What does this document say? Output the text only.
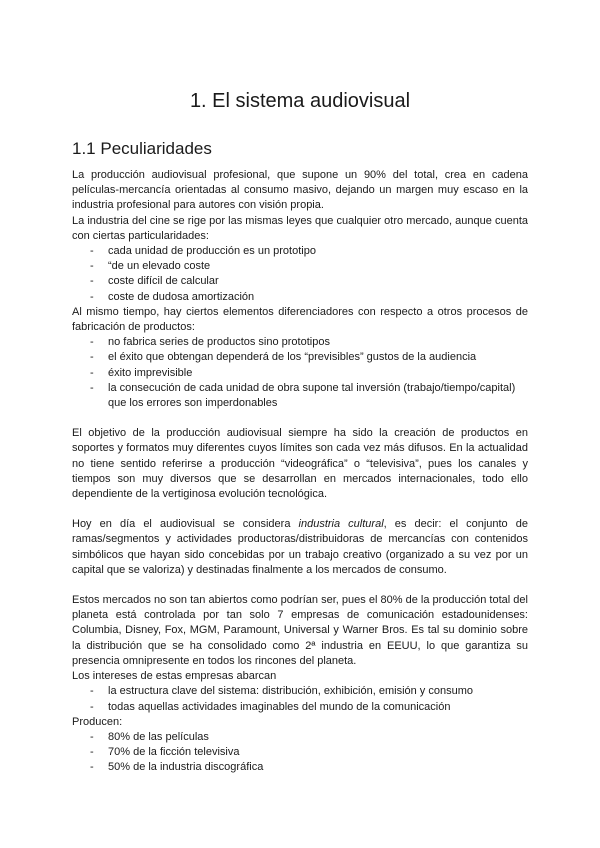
1. El sistema audiovisual
1.1 Peculiaridades

La producción audiovisual profesional, que supone un 90% del total, crea en cadena películas-mercancía orientadas al consumo masivo, dejando un margen muy escaso en la industria profesional para autores con visión propia.

La industria del cine se rige por las mismas leyes que cualquier otro mercado, aunque cuenta con ciertas particularidades:

- cada unidad de producción es un prototipo
- “de un elevado coste
- coste difícil de calcular
- coste de dudosa amortización

Al mismo tiempo, hay ciertos elementos diferenciadores con respecto a otros procesos de fabricación de productos:

- no fabrica series de productos sino prototipos
- el éxito que obtengan dependerá de los “previsibles” gustos de la audiencia
- éxito imprevisible
- la consecución de cada unidad de obra supone tal inversión (trabajo/tiempo/capital) que los errores son imperdonables

El objetivo de la producción audiovisual siempre ha sido la creación de productos en soportes y formatos muy diferentes cuyos límites son cada vez más difusos. En la actualidad no tiene sentido referirse a producción “videográfica” o “televisiva”, pues los canales y tiempos son muy diversos que se desarrollan en mercados internacionales, todo ello dependiente de la vertiginosa evolución tecnológica.

Hoy en día el audiovisual se considera industria cultural, es decir: el conjunto de ramas/segmentos y actividades productoras/distribuidoras de mercancías con contenidos simbólicos que hayan sido concebidas por un trabajo creativo (organizado a su vez por un capital que se valoriza) y destinadas finalmente a los mercados de consumo.

Estos mercados no son tan abiertos como podrían ser, pues el 80% de la producción total del planeta está controlada por tan solo 7 empresas de comunicación estadounidenses: Columbia, Disney, Fox, MGM, Paramount, Universal y Warner Bros. Es tal su dominio sobre la distribución que se ha consolidado como 2ª industria en EEUU, lo que garantiza su presencia omnipresente en todos los rincones del planeta.

Los intereses de estas empresas abarcan

- la estructura clave del sistema: distribución, exhibición, emisión y consumo
- todas aquellas actividades imaginables del mundo de la comunicación

Producen:

- 80% de las películas
- 70% de la ficción televisiva
- 50% de la industria discográfica
